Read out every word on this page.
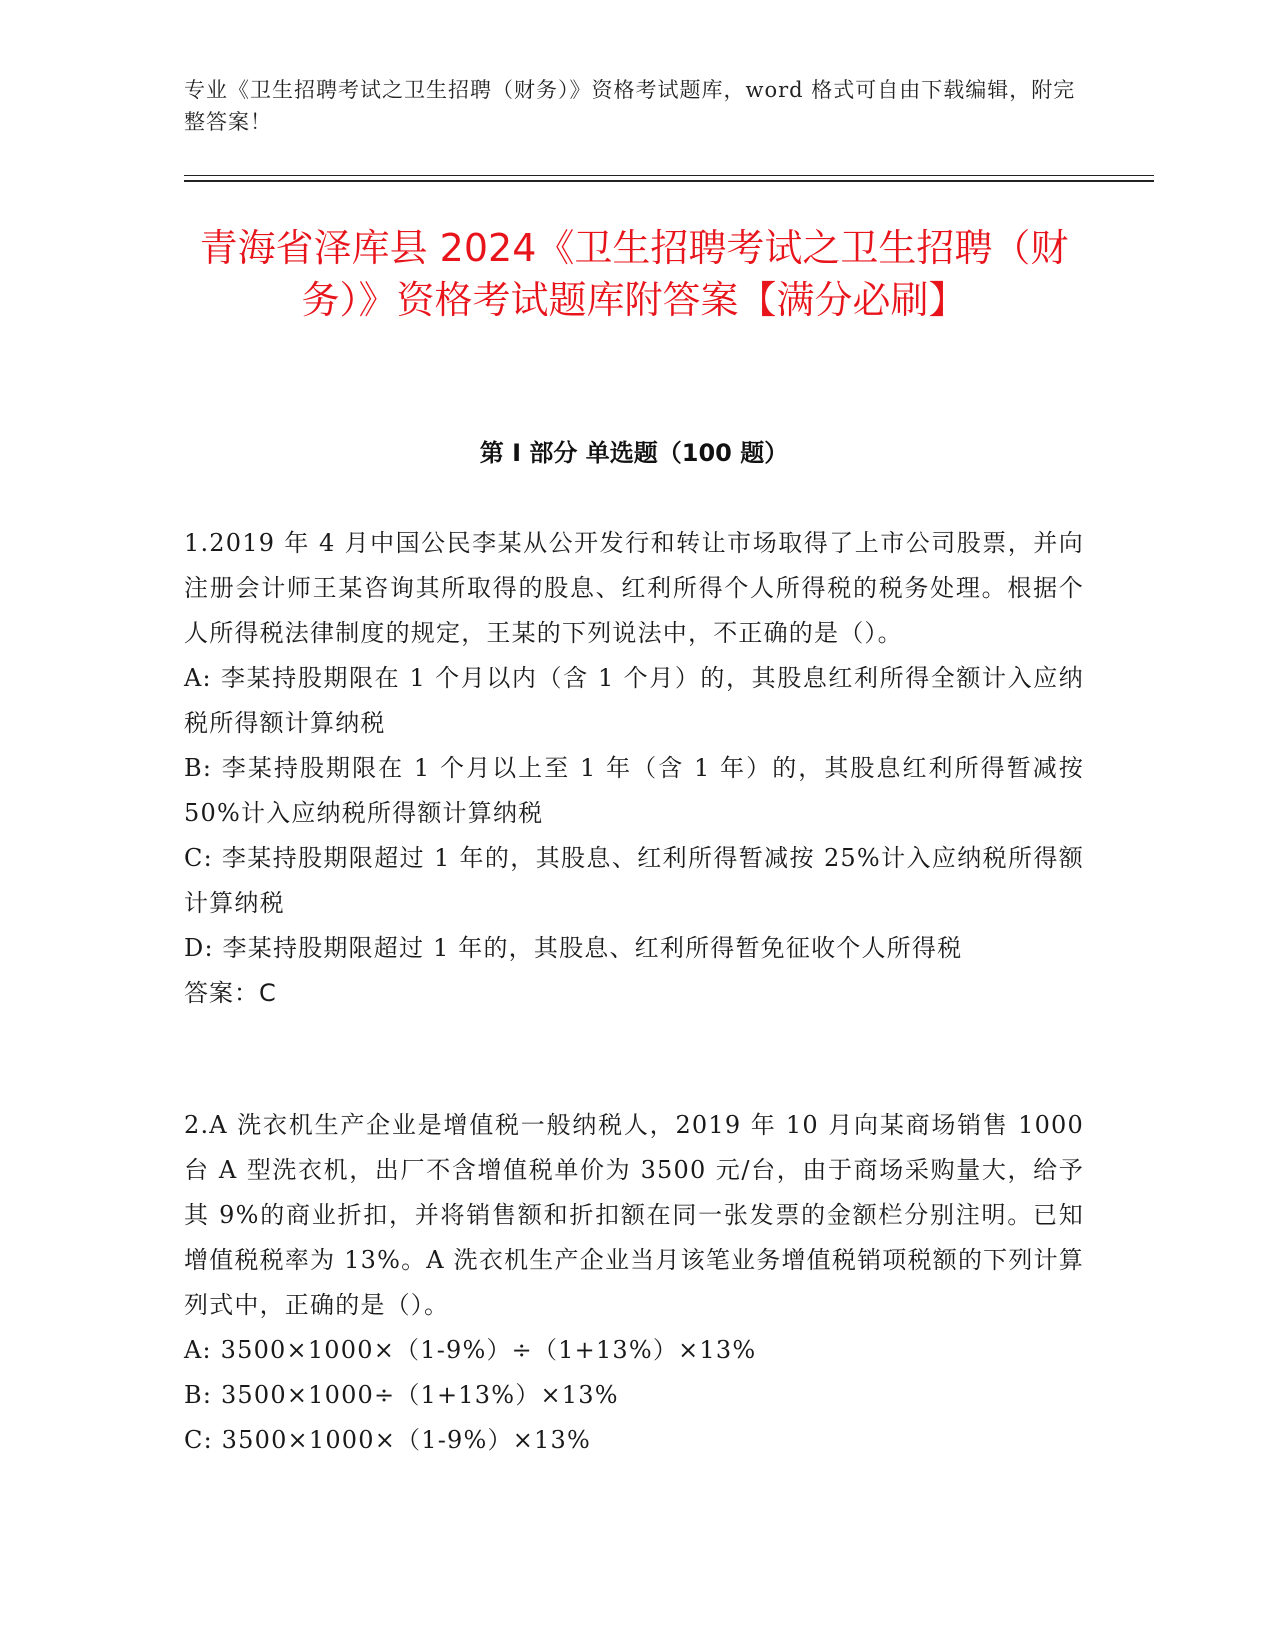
专业《卫生招聘考试之卫生招聘（财务）》资格考试题库，word 格式可自由下载编辑，附完整答案！
青海省泽库县 2024《卫生招聘考试之卫生招聘（财务）》资格考试题库附答案【满分必刷】
第 I 部分 单选题（100 题）

1.2019 年 4 月中国公民李某从公开发行和转让市场取得了上市公司股票，并向注册会计师王某咨询其所取得的股息、红利所得个人所得税的税务处理。根据个人所得税法律制度的规定，王某的下列说法中，不正确的是（）。

A: 李某持股期限在 1 个月以内（含 1 个月）的，其股息红利所得全额计入应纳税所得额计算纳税

B: 李某持股期限在 1 个月以上至 1 年（含 1 年）的，其股息红利所得暂减按 50%计入应纳税所得额计算纳税

C: 李某持股期限超过 1 年的，其股息、红利所得暂减按 25%计入应纳税所得额计算纳税

D: 李某持股期限超过 1 年的，其股息、红利所得暂免征收个人所得税

答案：C

2.A 洗衣机生产企业是增值税一般纳税人，2019 年 10 月向某商场销售 1000 台 A 型洗衣机，出厂不含增值税单价为 3500 元/台，由于商场采购量大，给予其 9%的商业折扣，并将销售额和折扣额在同一张发票的金额栏分别注明。已知增值税税率为 13%。A 洗衣机生产企业当月该笔业务增值税销项税额的下列计算列式中，正确的是（）。

A: 3500×1000×（1-9%）÷（1+13%）×13%

B: 3500×1000÷（1+13%）×13%

C: 3500×1000×（1-9%）×13%
